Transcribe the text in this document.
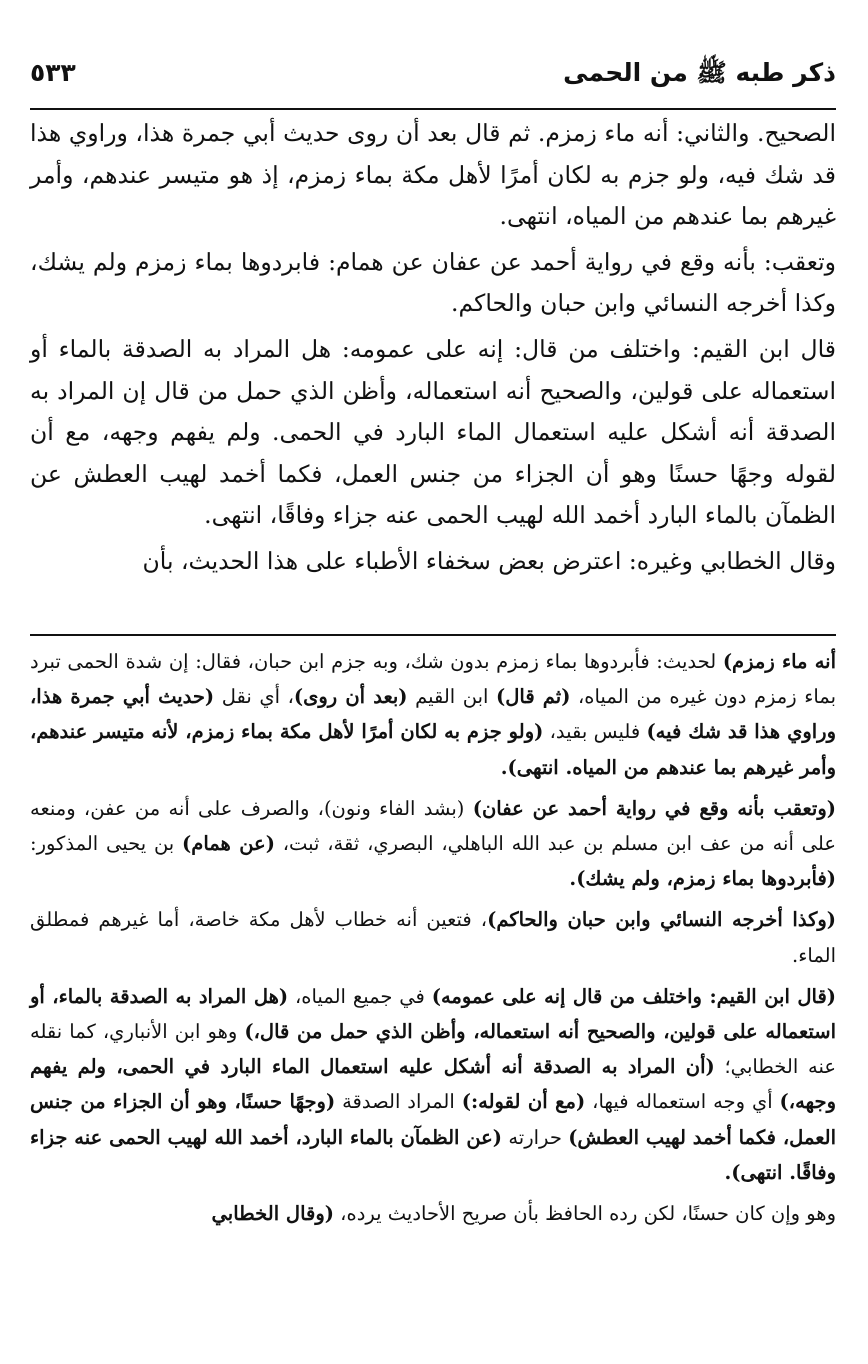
ذكر طبه ﷺ من الحمى
٥٣٣

الصحيح. والثاني: أنه ماء زمزم. ثم قال بعد أن روى حديث أبي جمرة هذا، وراوي هذا قد شك فيه، ولو جزم به لكان أمرًا لأهل مكة بماء زمزم، إذ هو متيسر عندهم، وأمر غيرهم بما عندهم من المياه، انتهى.

وتعقب: بأنه وقع في رواية أحمد عن عفان عن همام: فابردوها بماء زمزم ولم يشك، وكذا أخرجه النسائي وابن حبان والحاكم.

قال ابن القيم: واختلف من قال: إنه على عمومه: هل المراد به الصدقة بالماء أو استعماله على قولين، والصحيح أنه استعماله، وأظن الذي حمل من قال إن المراد به الصدقة أنه أشكل عليه استعمال الماء البارد في الحمى. ولم يفهم وجهه، مع أن لقوله وجهًا حسنًا وهو أن الجزاء من جنس العمل، فكما أخمد لهيب العطش عن الظمآن بالماء البارد أخمد الله لهيب الحمى عنه جزاء وفاقًا، انتهى.

وقال الخطابي وغيره: اعترض بعض سخفاء الأطباء على هذا الحديث، بأن

أنه ماء زمزم) لحديث: فأبردوها بماء زمزم بدون شك، وبه جزم ابن حبان، فقال: إن شدة الحمى تبرد بماء زمزم دون غيره من المياه، (ثم قال) ابن القيم (بعد أن روى)، أي نقل (حديث أبي جمرة هذا، وراوي هذا قد شك فيه) فليس بقيد، (ولو جزم به لكان أمرًا لأهل مكة بماء زمزم، لأنه متيسر عندهم، وأمر غيرهم بما عندهم من المياه. انتهى).

(وتعقب بأنه وقع في رواية أحمد عن عفان) (بشد الفاء ونون)، والصرف على أنه من عفن، ومنعه على أنه من عف ابن مسلم بن عبد الله الباهلي، البصري، ثقة، ثبت، (عن همام) بن يحيى المذكور: (فأبردوها بماء زمزم، ولم يشك).

(وكذا أخرجه النسائي وابن حبان والحاكم)، فتعين أنه خطاب لأهل مكة خاصة، أما غيرهم فمطلق الماء.

(قال ابن القيم: واختلف من قال إنه على عمومه) في جميع المياه، (هل المراد به الصدقة بالماء، أو استعماله على قولين، والصحيح أنه استعماله، وأظن الذي حمل من قال،) وهو ابن الأنباري، كما نقله عنه الخطابي؛ (أن المراد به الصدقة أنه أشكل عليه استعمال الماء البارد في الحمى، ولم يفهم وجهه،) أي وجه استعماله فيها، (مع أن لقوله:) المراد الصدقة (وجهًا حسنًا، وهو أن الجزاء من جنس العمل، فكما أخمد لهيب العطش) حرارته (عن الظمآن بالماء البارد، أخمد الله لهيب الحمى عنه جزاء وفاقًا. انتهى).

وهو وإن كان حسنًا، لكن رده الحافظ بأن صريح الأحاديث يرده، (وقال الخطابي
